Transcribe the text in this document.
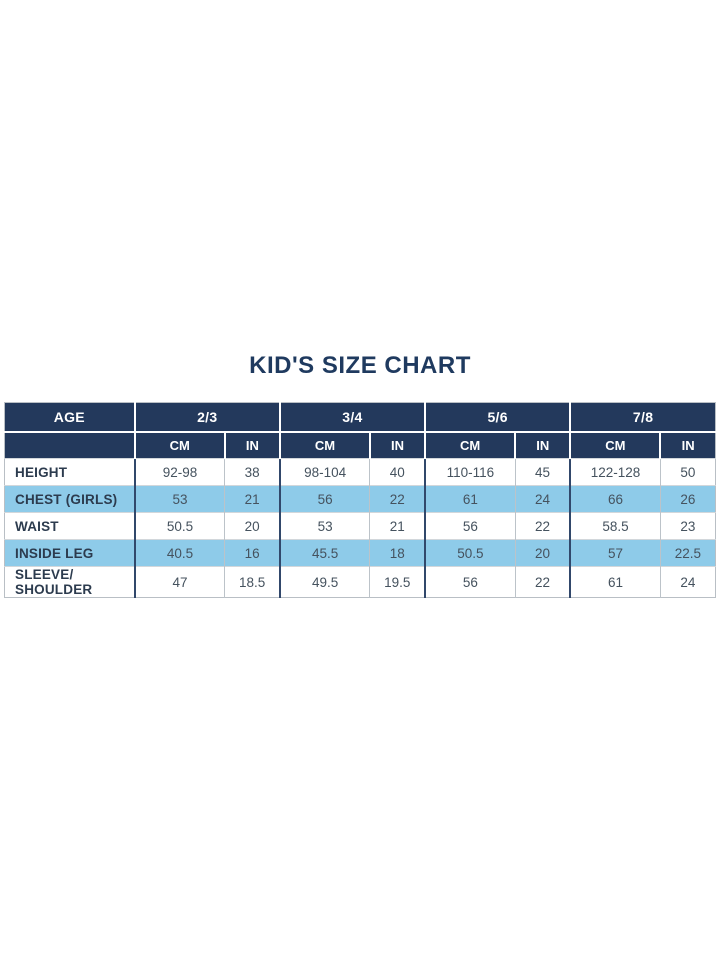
KID'S SIZE CHART
AGE	2/3		3/4		5/6		7/8	
	CM	IN	CM	IN	CM	IN	CM	IN
HEIGHT	92-98	38	98-104	40	110-116	45	122-128	50
CHEST (GIRLS)	53	21	56	22	61	24	66	26
WAIST	50.5	20	53	21	56	22	58.5	23
INSIDE LEG	40.5	16	45.5	18	50.5	20	57	22.5
SLEEVE/ SHOULDER	47	18.5	49.5	19.5	56	22	61	24
